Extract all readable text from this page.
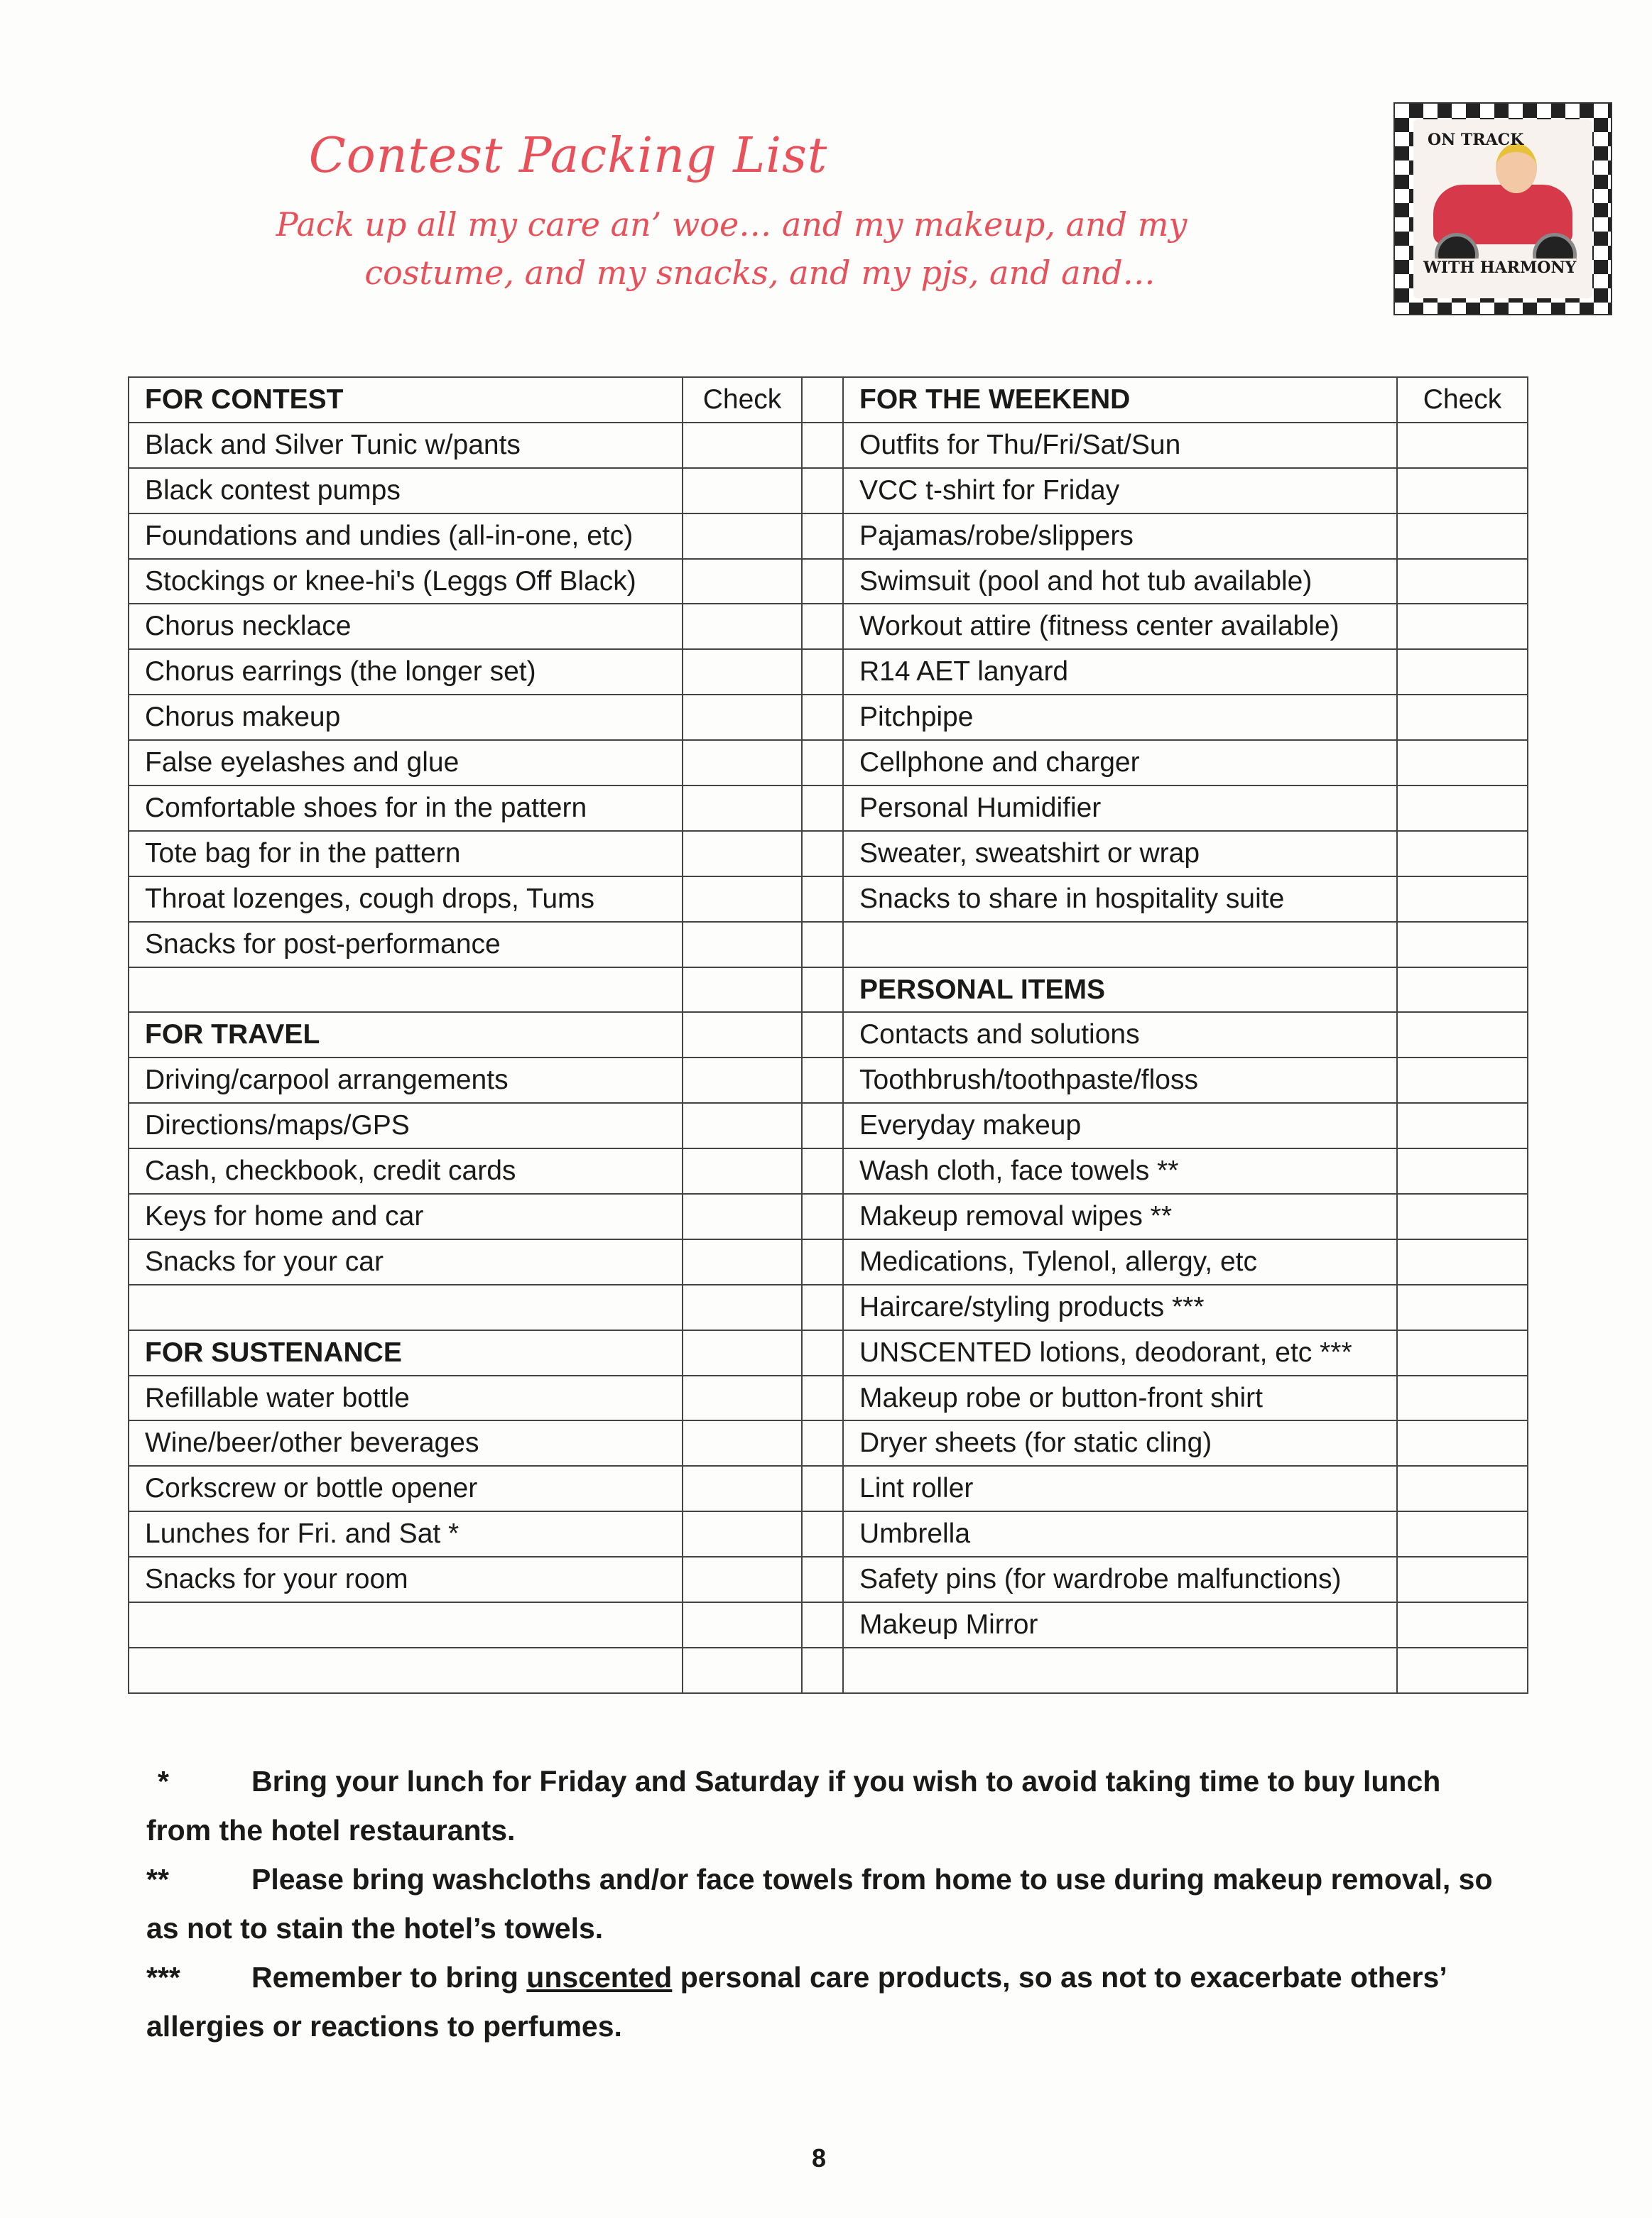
Contest Packing List
Pack up all my care an’ woe… and my makeup, and my
costume, and my snacks, and my pjs, and and…
ON TRACK
WITH HARMONY
FOR CONTEST	Check		FOR THE WEEKEND	Check
Black and Silver Tunic w/pants			Outfits for Thu/Fri/Sat/Sun	
Black contest pumps			VCC t-shirt for Friday	
Foundations and undies (all-in-one, etc)			Pajamas/robe/slippers	
Stockings or knee-hi's (Leggs Off Black)			Swimsuit (pool and hot tub available)	
Chorus necklace			Workout attire (fitness center available)	
Chorus earrings (the longer set)			R14 AET lanyard	
Chorus makeup			Pitchpipe	
False eyelashes and glue			Cellphone and charger	
Comfortable shoes for in the pattern			Personal Humidifier	
Tote bag for in the pattern			Sweater, sweatshirt or wrap	
Throat lozenges, cough drops, Tums			Snacks to share in hospitality suite	
Snacks for post-performance				
			PERSONAL ITEMS	
FOR TRAVEL			Contacts and solutions	
Driving/carpool arrangements			Toothbrush/toothpaste/floss	
Directions/maps/GPS			Everyday makeup	
Cash, checkbook, credit cards			Wash cloth, face towels **	
Keys for home and car			Makeup removal wipes **	
Snacks for your car			Medications, Tylenol, allergy, etc	
			Haircare/styling products ***	
FOR SUSTENANCE			UNSCENTED lotions, deodorant, etc ***	
Refillable water bottle			Makeup robe or button-front shirt	
Wine/beer/other beverages			Dryer sheets (for static cling)	
Corkscrew or bottle opener			Lint roller	
Lunches for Fri. and Sat *			Umbrella	
Snacks for your room			Safety pins (for wardrobe malfunctions)	
			Makeup Mirror	

*	Bring your lunch for Friday and Saturday if you wish to avoid taking time to buy lunch from the hotel restaurants.
**	Please bring washcloths and/or face towels from home to use during makeup removal, so as not to stain the hotel’s towels.
*** Remember to bring unscented personal care products, so as not to exacerbate others’ allergies or reactions to perfumes.
8
